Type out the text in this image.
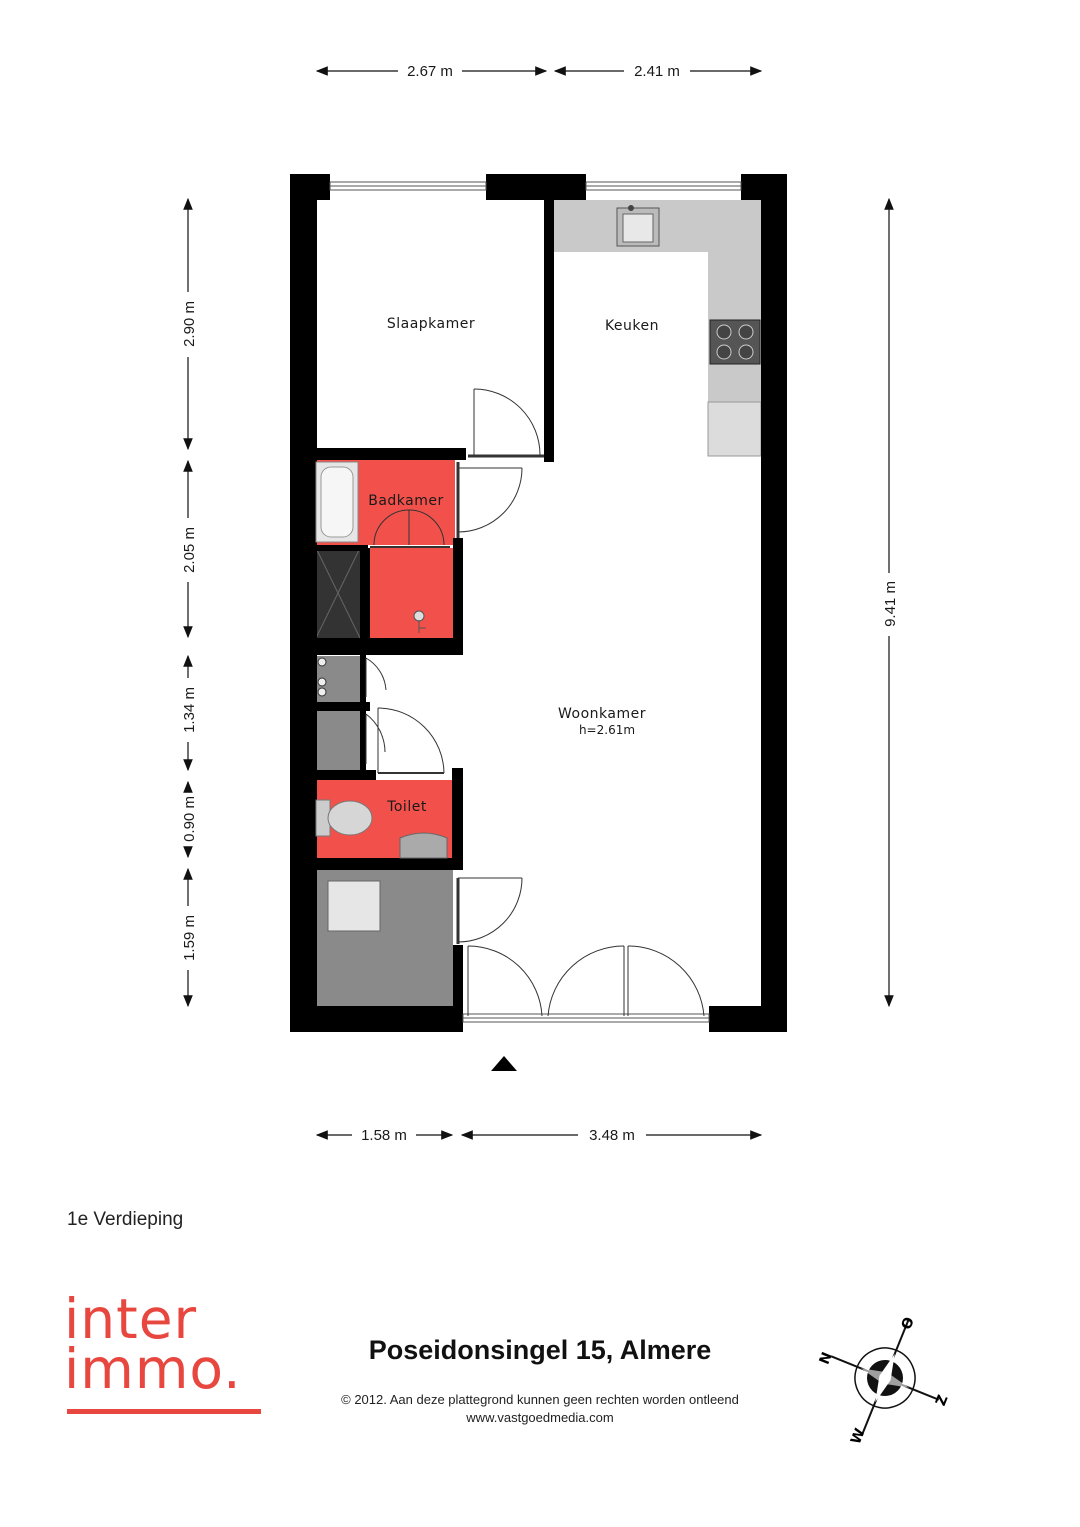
Slaapkamer	Keuken
Badkamer
Woonkamer
h=2.61m
Toilet
2.67 m	2.41 m
1.58 m	3.48 m
2.90 m
2.05 m
1.34 m
0.90 m
1.59 m
9.41 m
N
O
Z
W
1e Verdieping
inter
immo.	Poseidonsingel 15, Almere
© 2012. Aan deze plattegrond kunnen geen rechten worden ontleend
www.vastgoedmedia.com
